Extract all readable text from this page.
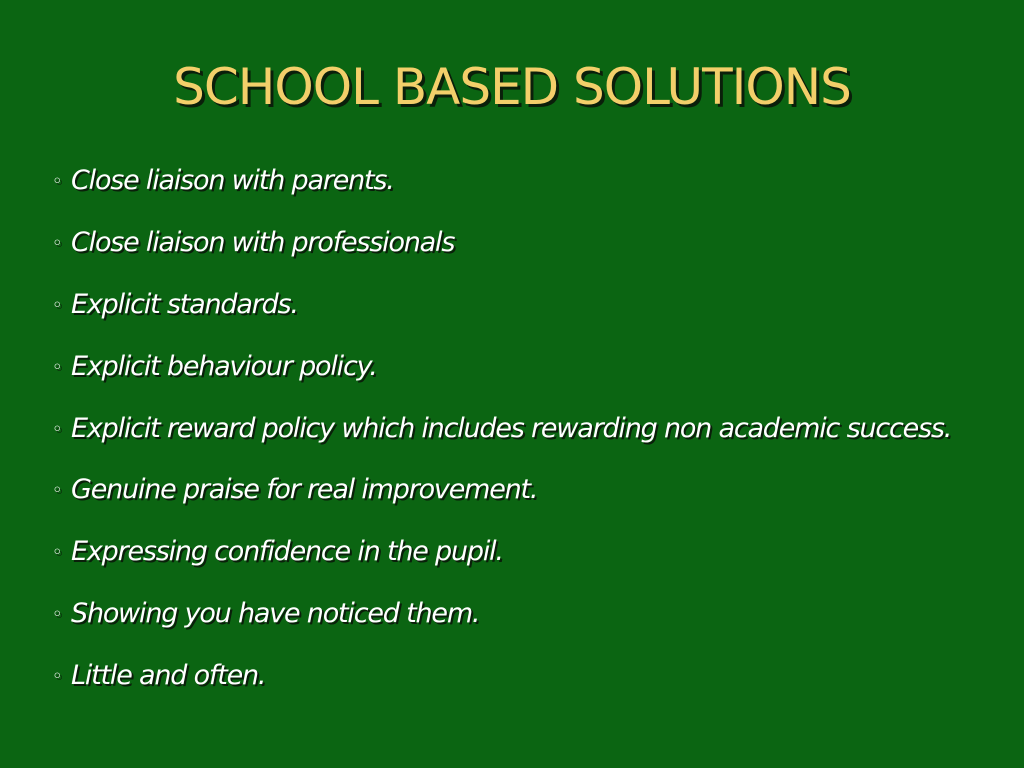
SCHOOL BASED SOLUTIONS
◦ Close liaison with parents.
◦ Close liaison with professionals
◦ Explicit standards.
◦ Explicit behaviour policy.
◦ Explicit reward policy which includes rewarding non academic success.
◦ Genuine praise for real improvement.
◦ Expressing confidence in the pupil.
◦ Showing you have noticed them.
◦ Little and often.
